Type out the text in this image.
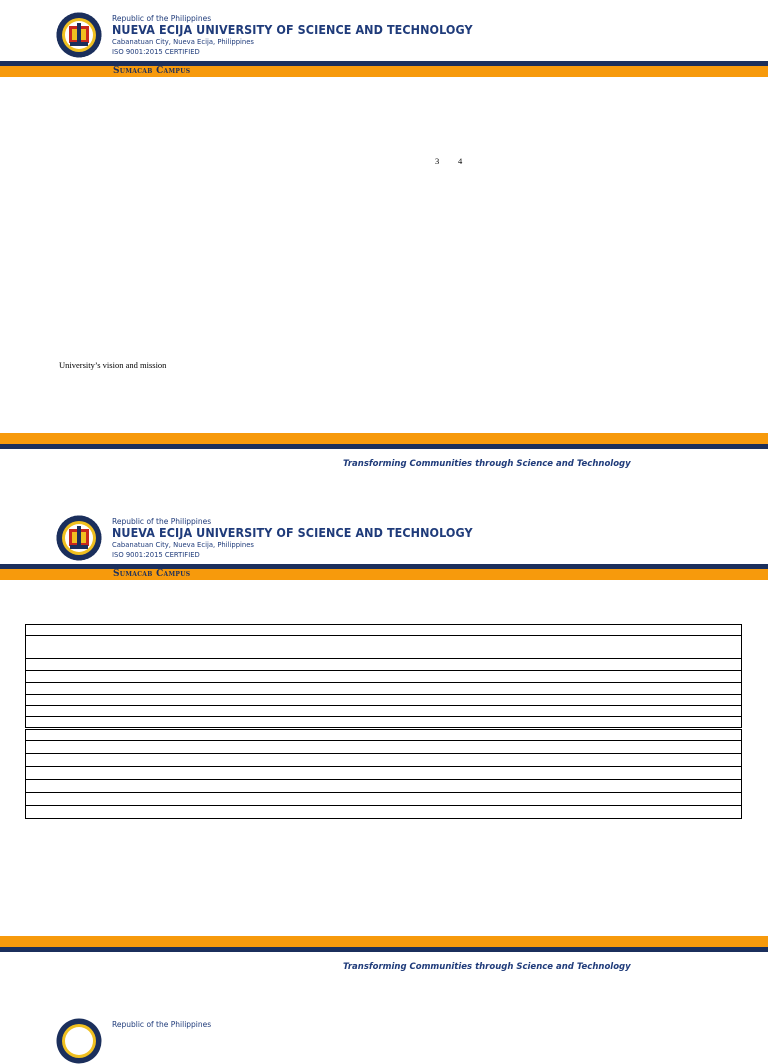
Republic of the Philippines
NUEVA ECIJA UNIVERSITY OF SCIENCE AND TECHNOLOGY
Cabanatuan City, Nueva Ecija, Philippines
ISO 9001:2015 CERTIFIED
Sumacab Campus
3 4
University’s vision and mission
Transforming Communities through Science and Technology
Republic of the Philippines
NUEVA ECIJA UNIVERSITY OF SCIENCE AND TECHNOLOGY
Cabanatuan City, Nueva Ecija, Philippines
ISO 9001:2015 CERTIFIED
Sumacab Campus

Transforming Communities through Science and Technology
Republic of the Philippines
